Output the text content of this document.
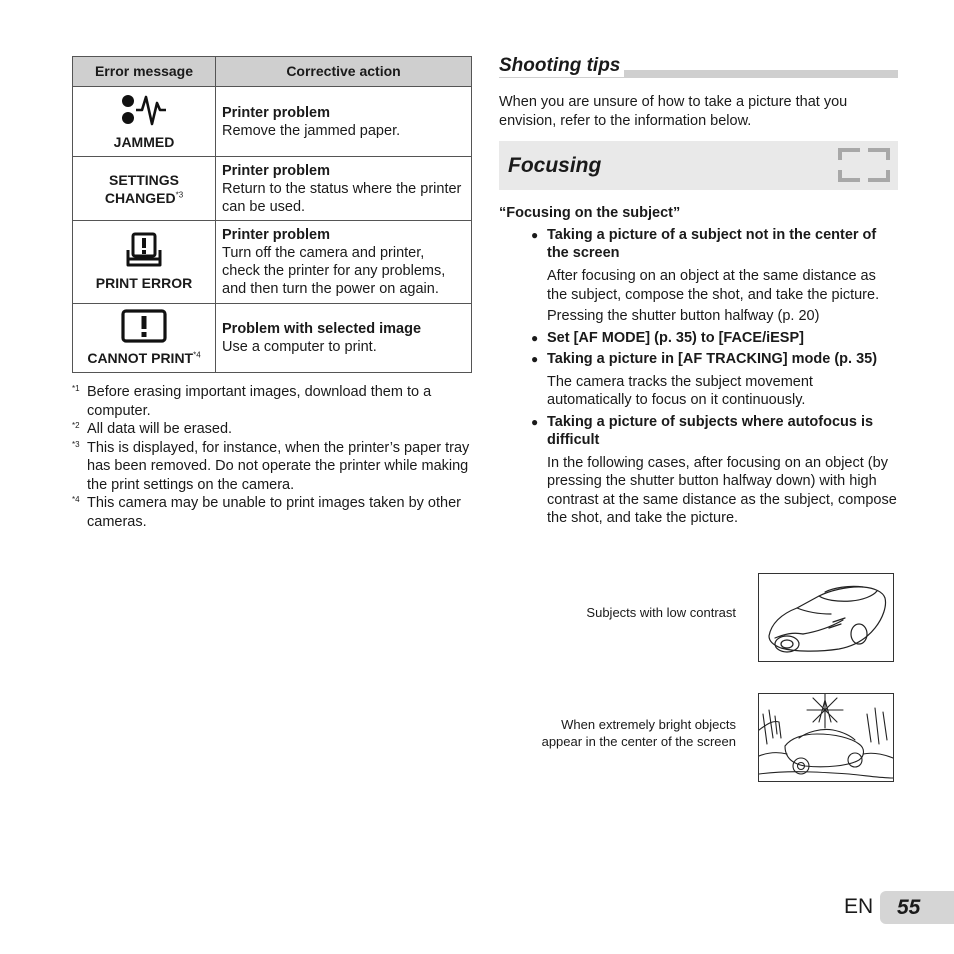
Error message	Corrective action

JAMMED	Printer problem
Remove the jammed paper.

SETTINGS
CHANGED$^{*3}$	Printer problem
Return to the status where the printer can be used.

PRINT ERROR	Printer problem
Turn off the camera and printer, check the printer for any problems, and then turn the power on again.

CANNOT PRINT$^{*4}$	Problem with selected image
Use a computer to print.
*1 Before erasing important images, download them to a computer.
*2 All data will be erased.
*3 This is displayed, for instance, when the printer’s paper tray has been removed. Do not operate the printer while making the print settings on the camera.
*4 This camera may be unable to print images taken by other cameras.
Shooting tips

When you are unsure of how to take a picture that you envision, refer to the information below.

Focusing
“Focusing on the subject”
● Taking a picture of a subject not in the center of the screen
After focusing on an object at the same distance as the subject, compose the shot, and take the picture.
Pressing the shutter button halfway (p. 20)
● Set [AF MODE] (p. 35) to [FACE/iESP]
● Taking a picture in [AF TRACKING] mode (p. 35)
The camera tracks the subject movement automatically to focus on it continuously.
● Taking a picture of subjects where autofocus is difficult
In the following cases, after focusing on an object (by pressing the shutter button halfway down) with high contrast at the same distance as the subject, compose the shot, and take the picture.
Subjects with low contrast
When extremely bright objects
appear in the center of the screen
EN 55
